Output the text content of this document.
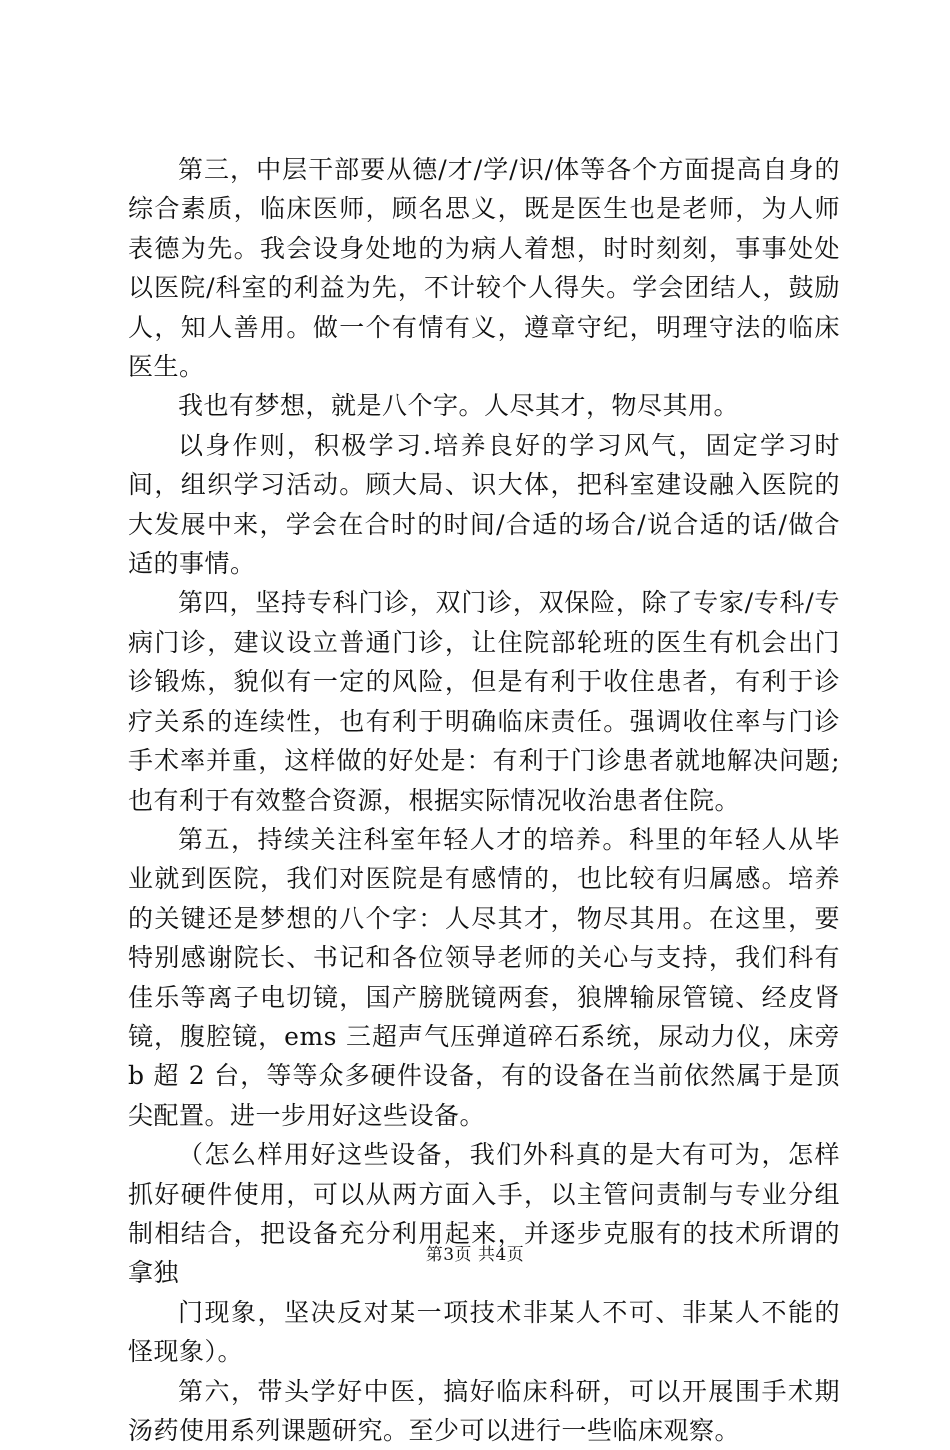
第三，中层干部要从德/才/学/识/体等各个方面提高自身的综合素质，临床医师，顾名思义，既是医生也是老师，为人师表德为先。我会设身处地的为病人着想，时时刻刻，事事处处以医院/科室的利益为先，不计较个人得失。学会团结人，鼓励人，知人善用。做一个有情有义，遵章守纪，明理守法的临床医生。

我也有梦想，就是八个字。人尽其才，物尽其用。

以身作则，积极学习.培养良好的学习风气，固定学习时间，组织学习活动。顾大局、识大体，把科室建设融入医院的大发展中来，学会在合时的时间/合适的场合/说合适的话/做合适的事情。

第四，坚持专科门诊，双门诊，双保险，除了专家/专科/专病门诊，建议设立普通门诊，让住院部轮班的医生有机会出门诊锻炼，貌似有一定的风险，但是有利于收住患者，有利于诊疗关系的连续性，也有利于明确临床责任。强调收住率与门诊手术率并重，这样做的好处是：有利于门诊患者就地解决问题;也有利于有效整合资源，根据实际情况收治患者住院。

第五，持续关注科室年轻人才的培养。科里的年轻人从毕业就到医院，我们对医院是有感情的，也比较有归属感。培养的关键还是梦想的八个字：人尽其才，物尽其用。在这里，要特别感谢院长、书记和各位领导老师的关心与支持，我们科有佳乐等离子电切镜，国产膀胱镜两套，狼牌输尿管镜、经皮肾镜，腹腔镜，ems 三超声气压弹道碎石系统，尿动力仪，床旁 b 超 2 台，等等众多硬件设备，有的设备在当前依然属于是顶尖配置。进一步用好这些设备。

（怎么样用好这些设备，我们外科真的是大有可为，怎样抓好硬件使用，可以从两方面入手，以主管问责制与专业分组制相结合，把设备充分利用起来，并逐步克服有的技术所谓的拿独

门现象，坚决反对某一项技术非某人不可、非某人不能的怪现象）。

第六，带头学好中医，搞好临床科研，可以开展围手术期汤药使用系列课题研究。至少可以进行一些临床观察。

第3页 共4页
